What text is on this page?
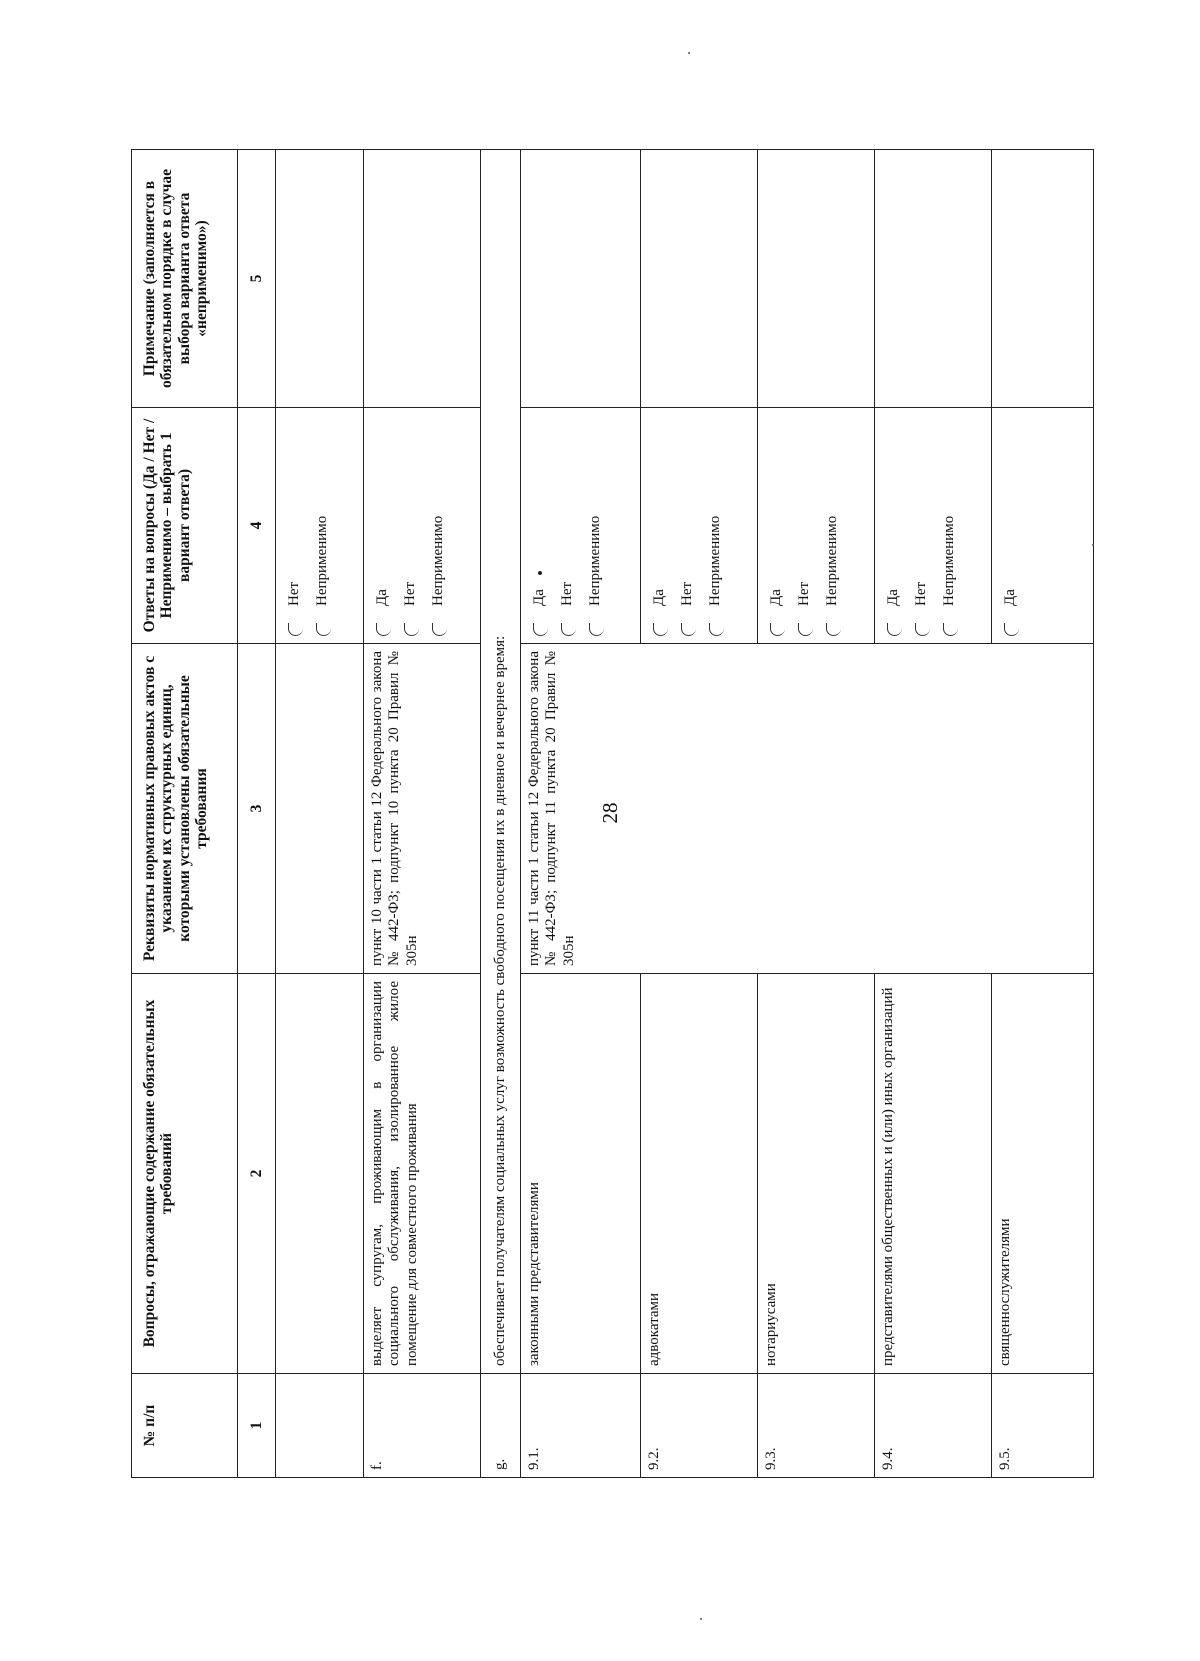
28
№ п/п	Вопросы, отражающие содержание обязательных требований	Реквизиты нормативных правовых актов с указанием их структурных единиц, которыми установлены обязательные требования	Ответы на вопросы (Да / Нет / Неприменимо – выбрать 1 вариант ответа)	Примечание (заполняется в обязательном порядке в случае выбора варианта ответа «неприменимо»)
1	2	3	4	5

			Нет Неприменимо	

f.	выделяет супругам, проживающим в организации социального обслуживания, изолированное жилое помещение для совместного проживания	пункт 10 части 1 статьи 12 Федерального закона № 442-ФЗ; подпункт 10 пункта 20 Правил № 305н	Да Нет Неприменимо	

g.	обеспечивает получателям социальных услуг возможность свободного посещения их в дневное и вечернее время:			
9.1.	законными представителями	пункт 11 части 1 статьи 12 Федерального закона № 442-ФЗ; подпункт 11 пункта 20 Правил № 305н	Да Нет Неприменимо	

9.2.	адвокатами		Да Нет Неприменимо	

9.3.	нотариусами		Да Нет Неприменимо	

9.4.	представителями общественных и (или) иных организаций		Да Нет Неприменимо	

9.5.	священнослужителями		Да	
